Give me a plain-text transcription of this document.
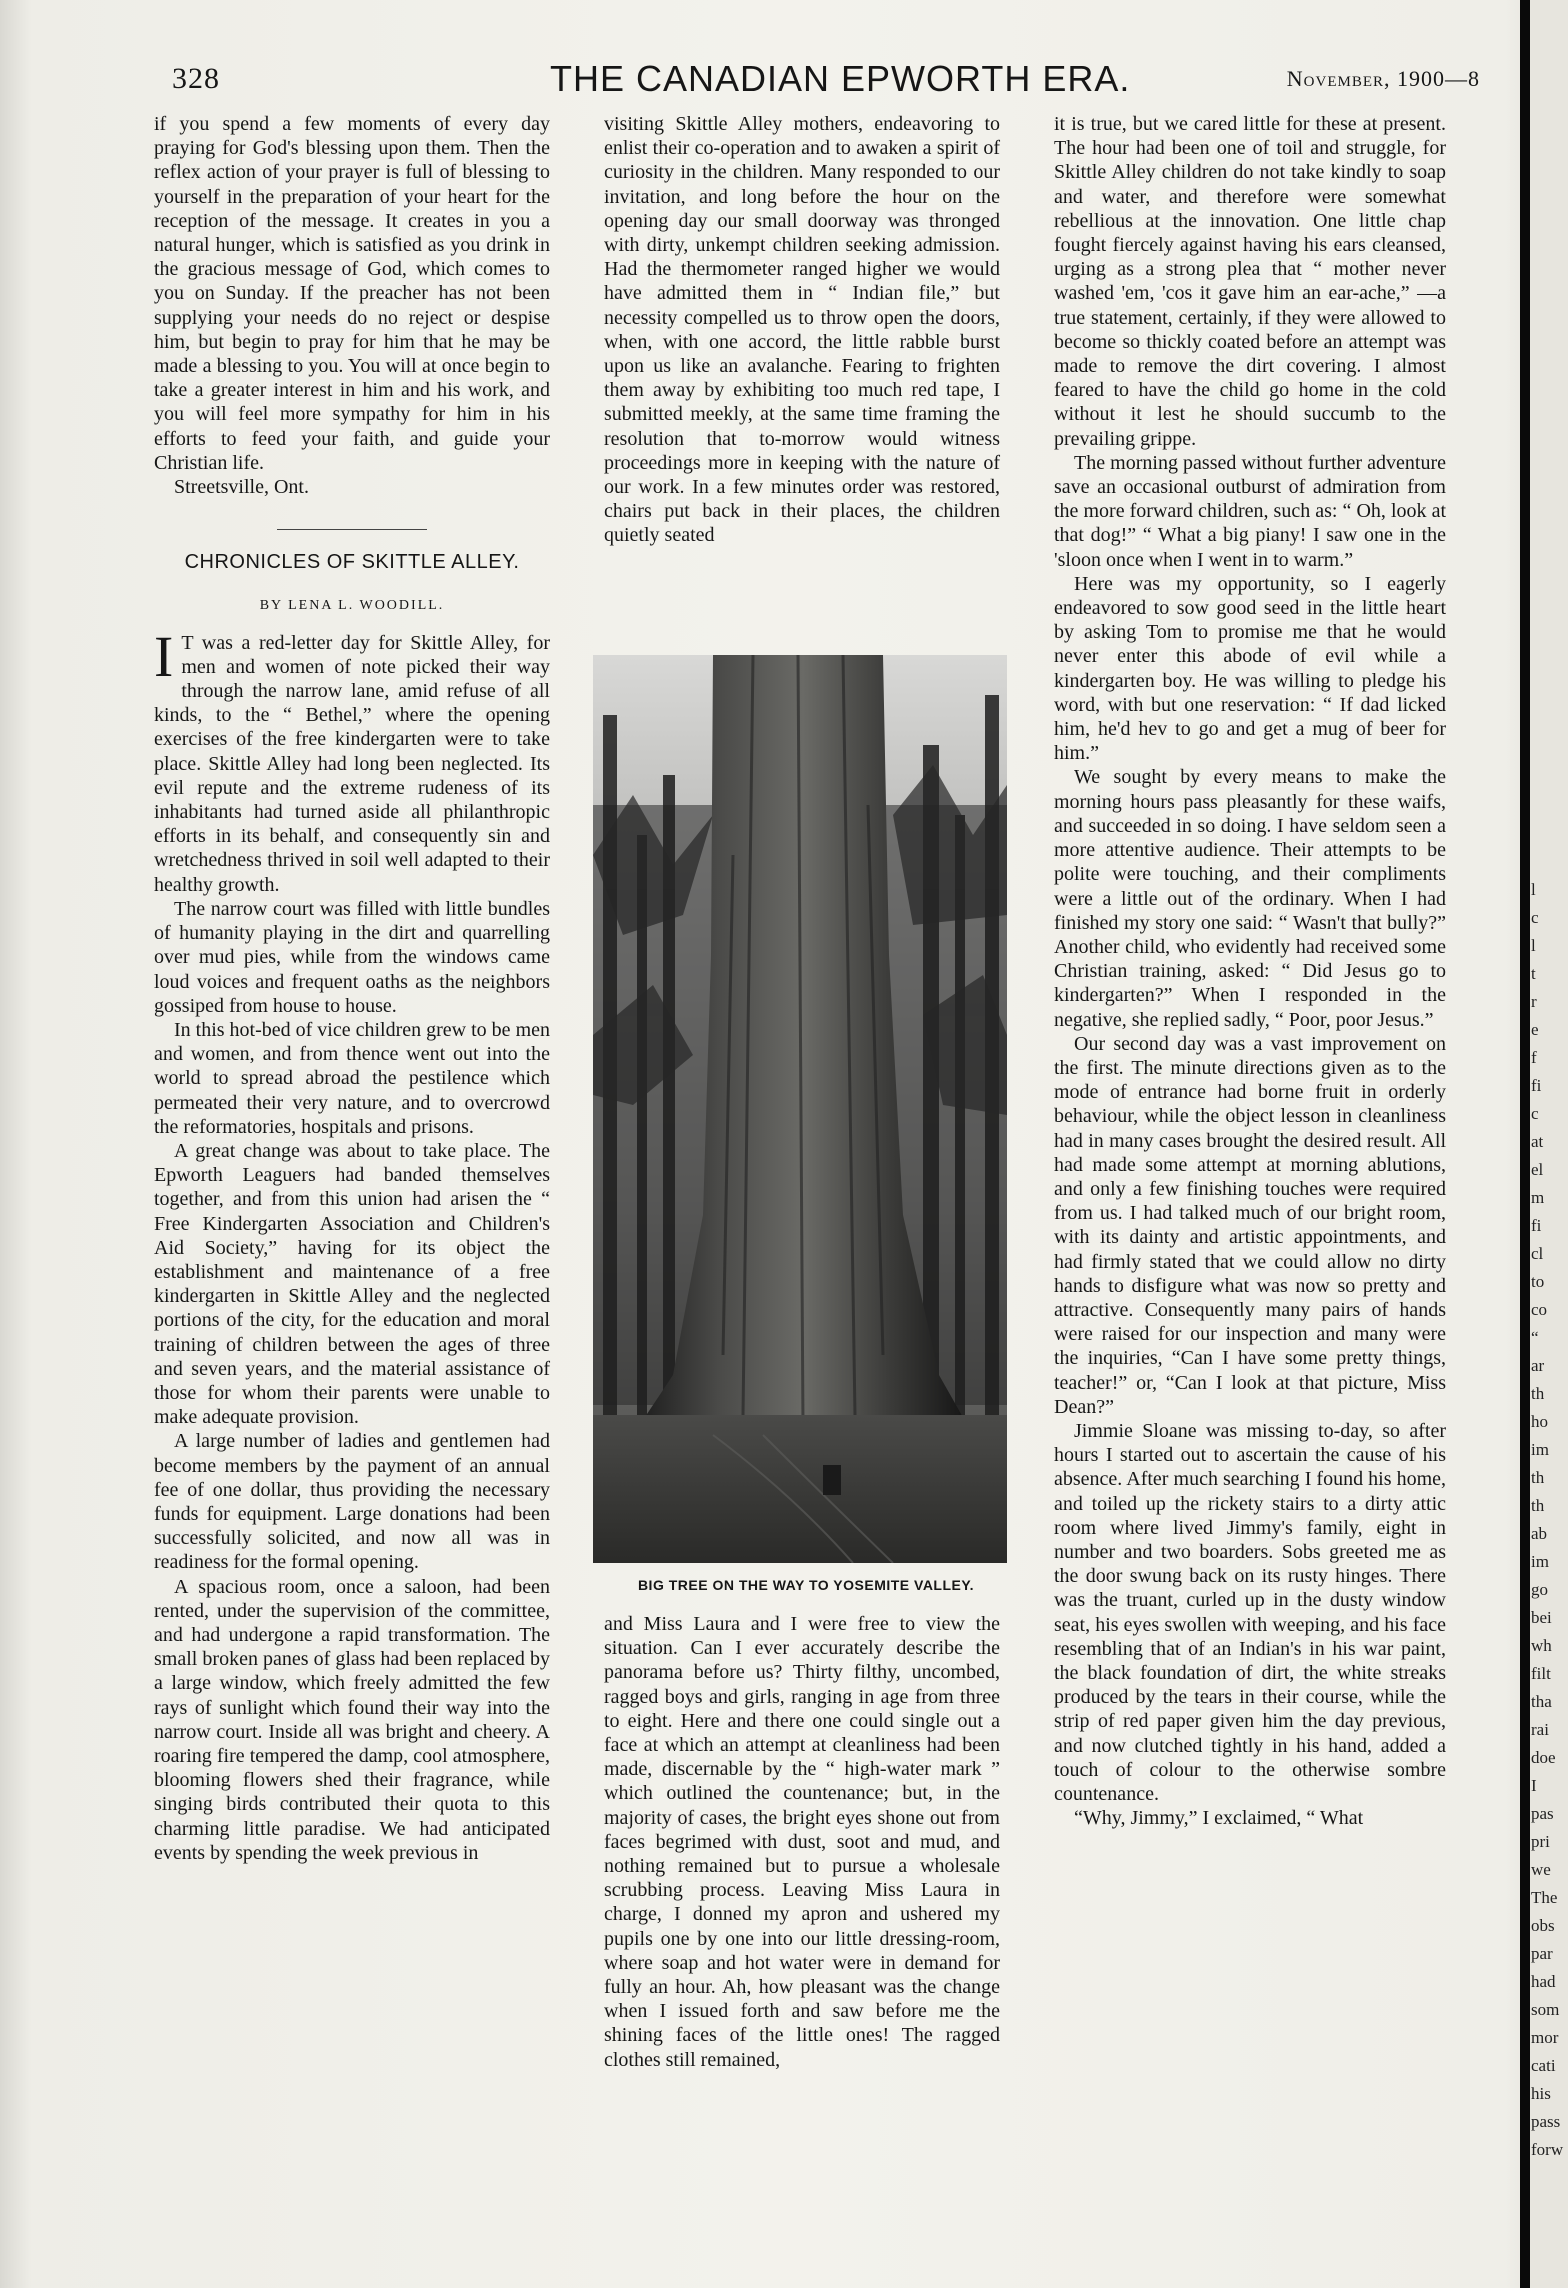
328	THE CANADIAN EPWORTH ERA.	November, 1900—8

if you spend a few moments of every day praying for God's blessing upon them. Then the reflex action of your prayer is full of blessing to yourself in the preparation of your heart for the reception of the message. It creates in you a natural hunger, which is satisfied as you drink in the gracious message of God, which comes to you on Sunday. If the preacher has not been supplying your needs do no reject or despise him, but begin to pray for him that he may be made a blessing to you. You will at once begin to take a greater interest in him and his work, and you will feel more sympathy for him in his efforts to feed your faith, and guide your Christian life.

Streetsville, Ont.

CHRONICLES OF SKITTLE ALLEY.
BY LENA L. WOODILL.

I T was a red-letter day for Skittle Alley, for men and women of note picked their way through the narrow lane, amid refuse of all kinds, to the “ Bethel,” where the opening exercises of the free kindergarten were to take place. Skittle Alley had long been neglected. Its evil repute and the extreme rudeness of its inhabitants had turned aside all philanthropic efforts in its behalf, and consequently sin and wretchedness thrived in soil well adapted to their healthy growth.

The narrow court was filled with little bundles of humanity playing in the dirt and quarrelling over mud pies, while from the windows came loud voices and frequent oaths as the neighbors gossiped from house to house.

In this hot-bed of vice children grew to be men and women, and from thence went out into the world to spread abroad the pestilence which permeated their very nature, and to overcrowd the reformatories, hospitals and prisons.

A great change was about to take place. The Epworth Leaguers had banded themselves together, and from this union had arisen the “ Free Kindergarten Association and Children's Aid Society,” having for its object the establishment and maintenance of a free kindergarten in Skittle Alley and the neglected portions of the city, for the education and moral training of children between the ages of three and seven years, and the material assistance of those for whom their parents were unable to make adequate provision.

A large number of ladies and gentlemen had become members by the payment of an annual fee of one dollar, thus providing the necessary funds for equipment. Large donations had been successfully solicited, and now all was in readiness for the formal opening.

A spacious room, once a saloon, had been rented, under the supervision of the committee, and had undergone a rapid transformation. The small broken panes of glass had been replaced by a large window, which freely admitted the few rays of sunlight which found their way into the narrow court. Inside all was bright and cheery. A roaring fire tempered the damp, cool atmosphere, blooming flowers shed their fragrance, while singing birds contributed their quota to this charming little paradise. We had anticipated events by spending the week previous in

visiting Skittle Alley mothers, endeavoring to enlist their co-operation and to awaken a spirit of curiosity in the children. Many responded to our invitation, and long before the hour on the opening day our small doorway was thronged with dirty, unkempt children seeking admission. Had the thermometer ranged higher we would have admitted them in “ Indian file,” but necessity compelled us to throw open the doors, when, with one accord, the little rabble burst upon us like an avalanche. Fearing to frighten them away by exhibiting too much red tape, I submitted meekly, at the same time framing the resolution that to-morrow would witness proceedings more in keeping with the nature of our work. In a few minutes order was restored, chairs put back in their places, the children quietly seated

BIG TREE ON THE WAY TO YOSEMITE VALLEY.

and Miss Laura and I were free to view the situation. Can I ever accurately describe the panorama before us? Thirty filthy, uncombed, ragged boys and girls, ranging in age from three to eight. Here and there one could single out a face at which an attempt at cleanliness had been made, discernable by the “ high-water mark ” which outlined the countenance; but, in the majority of cases, the bright eyes shone out from faces begrimed with dust, soot and mud, and nothing remained but to pursue a wholesale scrubbing process. Leaving Miss Laura in charge, I donned my apron and ushered my pupils one by one into our little dressing-room, where soap and hot water were in demand for fully an hour. Ah, how pleasant was the change when I issued forth and saw before me the shining faces of the little ones! The ragged clothes still remained,

it is true, but we cared little for these at present. The hour had been one of toil and struggle, for Skittle Alley children do not take kindly to soap and water, and therefore were somewhat rebellious at the innovation. One little chap fought fiercely against having his ears cleansed, urging as a strong plea that “ mother never washed 'em, 'cos it gave him an ear-ache,” —a true statement, certainly, if they were allowed to become so thickly coated before an attempt was made to remove the dirt covering. I almost feared to have the child go home in the cold without it lest he should succumb to the prevailing grippe.

The morning passed without further adventure save an occasional outburst of admiration from the more forward children, such as: “ Oh, look at that dog!” “ What a big piany! I saw one in the 'sloon once when I went in to warm.”

Here was my opportunity, so I eagerly endeavored to sow good seed in the little heart by asking Tom to promise me that he would never enter this abode of evil while a kindergarten boy. He was willing to pledge his word, with but one reservation: “ If dad licked him, he'd hev to go and get a mug of beer for him.”

We sought by every means to make the morning hours pass pleasantly for these waifs, and succeeded in so doing. I have seldom seen a more attentive audience. Their attempts to be polite were touching, and their compliments were a little out of the ordinary. When I had finished my story one said: “ Wasn't that bully?” Another child, who evidently had received some Christian training, asked: “ Did Jesus go to kindergarten?” When I responded in the negative, she replied sadly, “ Poor, poor Jesus.”

Our second day was a vast improvement on the first. The minute directions given as to the mode of entrance had borne fruit in orderly behaviour, while the object lesson in cleanliness had in many cases brought the desired result. All had made some attempt at morning ablutions, and only a few finishing touches were required from us. I had talked much of our bright room, with its dainty and artistic appointments, and had firmly stated that we could allow no dirty hands to disfigure what was now so pretty and attractive. Consequently many pairs of hands were raised for our inspection and many were the inquiries, “Can I have some pretty things, teacher!” or, “Can I look at that picture, Miss Dean?”

Jimmie Sloane was missing to-day, so after hours I started out to ascertain the cause of his absence. After much searching I found his home, and toiled up the rickety stairs to a dirty attic room where lived Jimmy's family, eight in number and two boarders. Sobs greeted me as the door swung back on its rusty hinges. There was the truant, curled up in the dusty window seat, his eyes swollen with weeping, and his face resembling that of an Indian's in his war paint, the black foundation of dirt, the white streaks produced by the tears in their course, while the strip of red paper given him the day previous, and now clutched tightly in his hand, added a touch of colour to the otherwise sombre countenance.

“Why, Jimmy,” I exclaimed, “ What

l
c
l
t
r
e
f
fi
c
at
el
m
fi
cl
to
co
“
ar
th
ho
im
th
th
ab
im
go
bei
wh
filt
tha
rai
doe
I
pas
pri
we
The
obs
par
had
som
mor
cati
his
pass
forw
